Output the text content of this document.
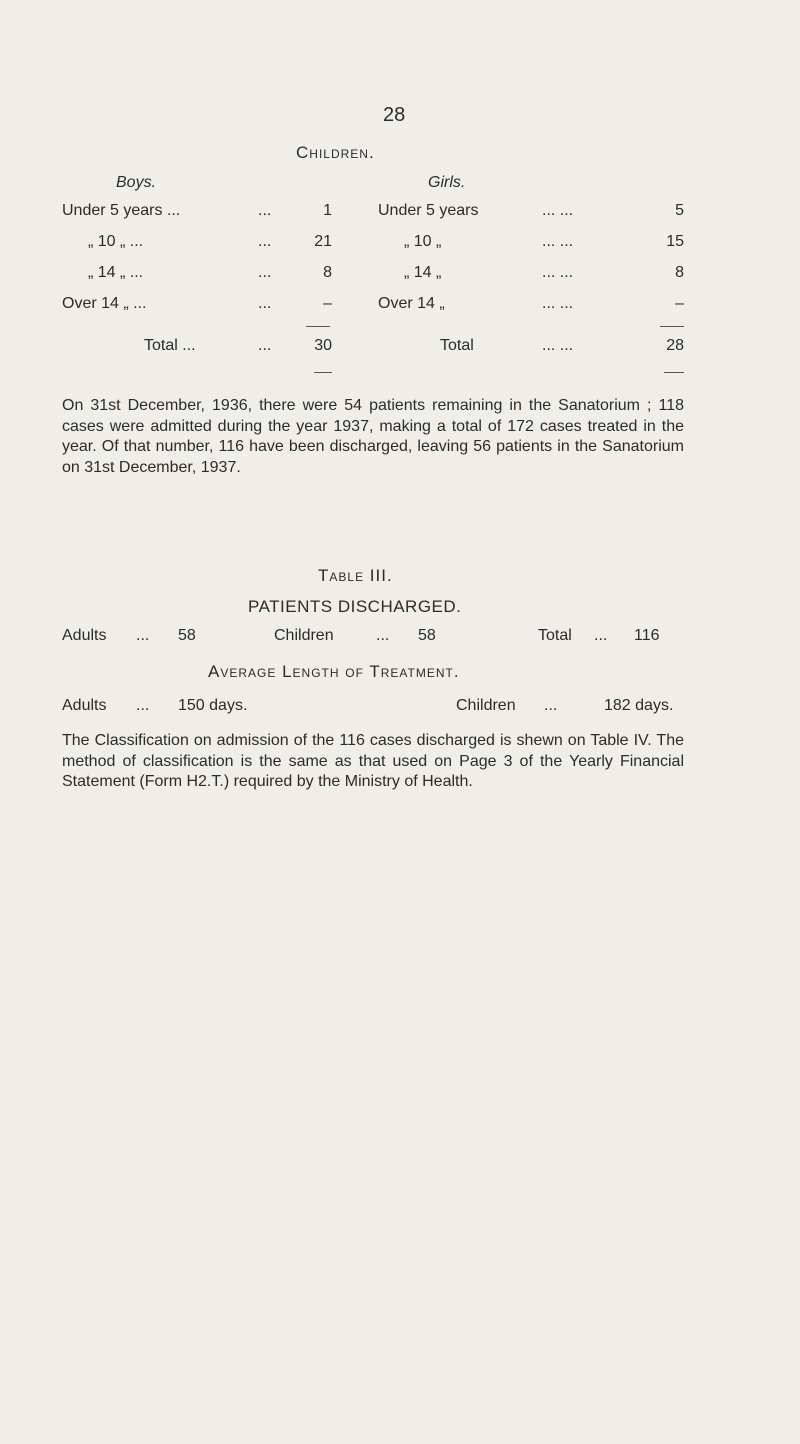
28
Children.
Boys.
Under 5 years ...	...	1
„ 10 „ ...	...	21
„ 14 „ ...	...	8
Over 14 „ ...	...	–
Total ...	...	30
Girls.
Under 5 years	... ...	5
„ 10 „	... ...	15
„ 14 „	... ...	8
Over 14 „	... ...	–
Total	... ...	28
On 31st December, 1936, there were 54 patients remaining in the Sanatorium ; 118 cases were admitted during the year 1937, making a total of 172 cases treated in the year. Of that number, 116 have been discharged, leaving 56 patients in the Sanatorium on 31st December, 1937.
Table III.
PATIENTS DISCHARGED.
Adults ... 58	Children	... 58	Total ... 116
Average Length of Treatment.
Adults ... 150 days.	Children ...	182 days.
The Classification on admission of the 116 cases discharged is shewn on Table IV. The method of classification is the same as that used on Page 3 of the Yearly Financial Statement (Form H2.T.) required by the Ministry of Health.
